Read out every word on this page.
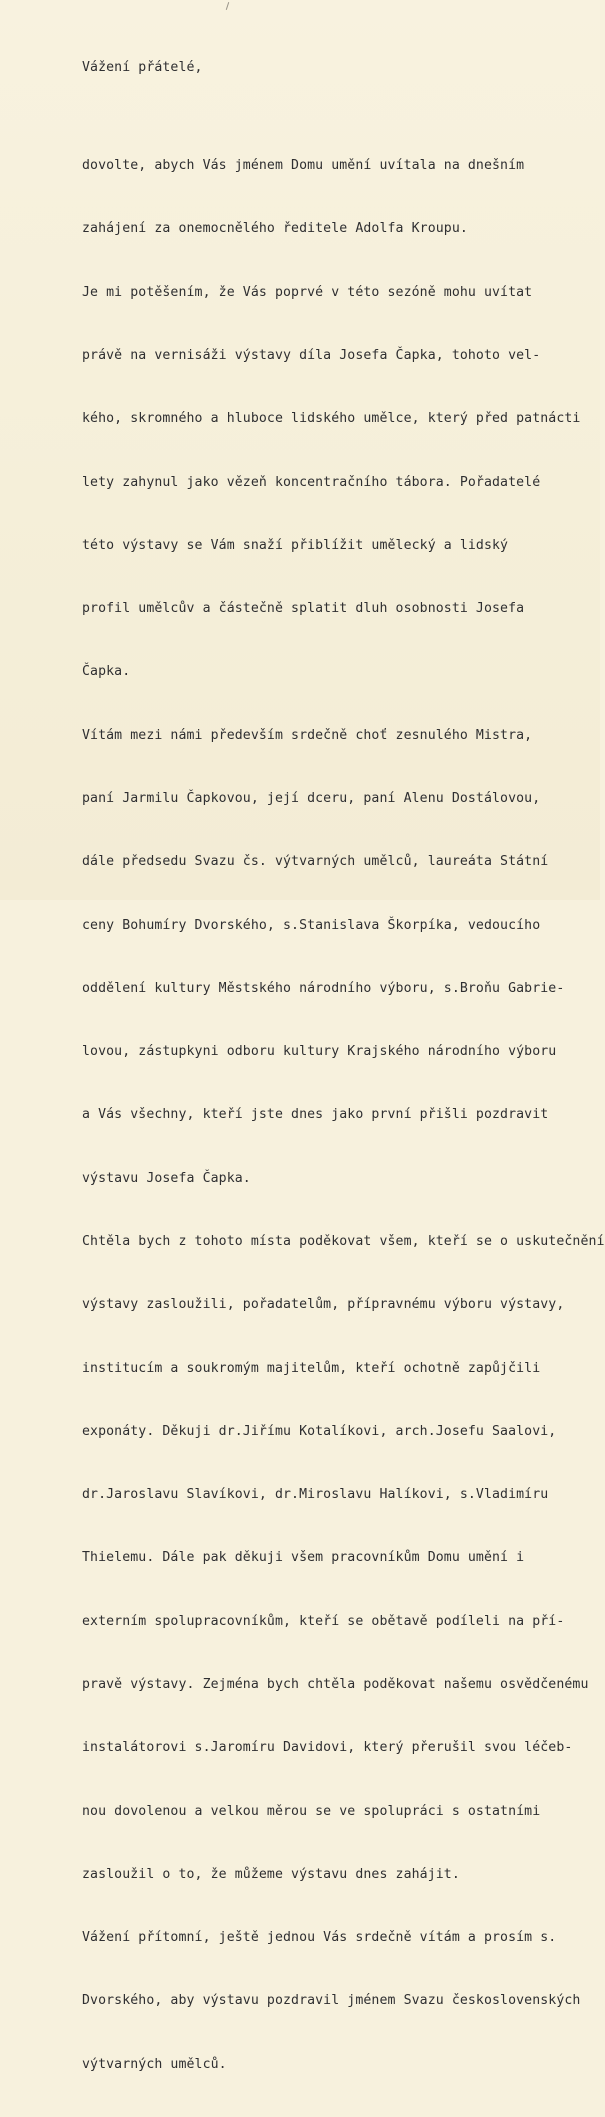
Vážení přátelé,

dovolte, abych Vás jménem Domu umění uvítala na dnešním

zahájení za onemocnělého ředitele Adolfa Kroupu.

Je mi potěšením, že Vás poprvé v této sezóně mohu uvítat

právě na vernisáži výstavy díla Josefa Čapka, tohoto vel-

kého, skromného a hluboce lidského umělce, který před patnácti

lety zahynul jako vězeň koncentračního tábora. Pořadatelé

této výstavy se Vám snaží přiblížit umělecký a lidský

profil umělcův a částečně splatit dluh osobnosti Josefa

Čapka.

Vítám mezi námi především srdečně choť zesnulého Mistra,

paní Jarmilu Čapkovou, její dceru, paní Alenu Dostálovou,

dále předsedu Svazu čs. výtvarných umělců, laureáta Státní

ceny Bohumíry Dvorského, s.Stanislava Škorpíka, vedoucího

oddělení kultury Městského národního výboru, s.Broňu Gabrie-

lovou, zástupkyni odboru kultury Krajského národního výboru

a Vás všechny, kteří jste dnes jako první přišli pozdravit

výstavu Josefa Čapka.

Chtěla bych z tohoto místa poděkovat všem, kteří se o uskutečnění

výstavy zasloužili, pořadatelům, přípravnému výboru výstavy,

institucím a soukromým majitelům, kteří ochotně zapůjčili

exponáty. Děkuji dr.Jiřímu Kotalíkovi, arch.Josefu Saalovi,

dr.Jaroslavu Slavíkovi, dr.Miroslavu Halíkovi, s.Vladimíru

Thielemu. Dále pak děkuji všem pracovníkům Domu umění i

externím spolupracovníkům, kteří se obětavě podíleli na pří-

pravě výstavy. Zejména bych chtěla poděkovat našemu osvědčenému

instalátorovi s.Jaromíru Davidovi, který přerušil svou léčeb-

nou dovolenou a velkou měrou se ve spolupráci s ostatními

zasloužil o to, že můžeme výstavu dnes zahájit.

Vážení přítomní, ještě jednou Vás srdečně vítám a prosím s.

Dvorského, aby výstavu pozdravil jménem Svazu československých

výtvarných umělců.
